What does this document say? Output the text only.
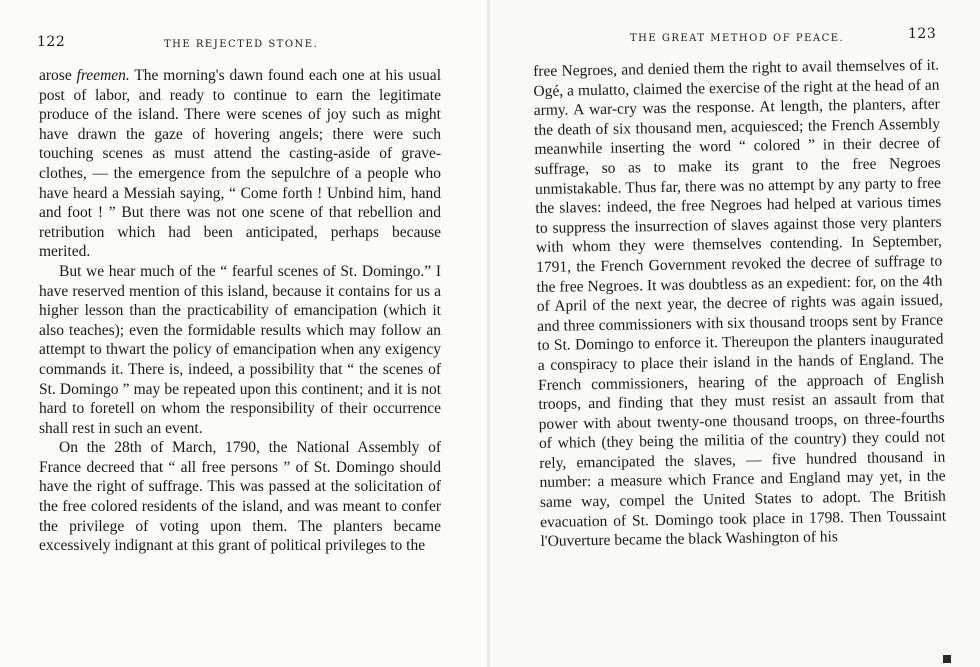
122	THE REJECTED STONE.

arose freemen. The morning's dawn found each one at his usual post of labor, and ready to continue to earn the legitimate produce of the island. There were scenes of joy such as might have drawn the gaze of hovering angels; there were such touching scenes as must attend the casting-aside of grave-clothes, — the emergence from the sepulchre of a people who have heard a Messiah saying, “ Come forth ! Unbind him, hand and foot ! ” But there was not one scene of that rebellion and retribution which had been anticipated, perhaps because merited.

But we hear much of the “ fearful scenes of St. Domingo.” I have reserved mention of this island, because it contains for us a higher lesson than the practicability of emancipation (which it also teaches); even the formidable results which may follow an attempt to thwart the policy of emancipation when any exigency commands it. There is, indeed, a possibility that “ the scenes of St. Domingo ” may be repeated upon this continent; and it is not hard to foretell on whom the responsibility of their occurrence shall rest in such an event.

On the 28th of March, 1790, the National Assembly of France decreed that “ all free persons ” of St. Domingo should have the right of suffrage. This was passed at the solicitation of the free colored residents of the island, and was meant to confer the privilege of voting upon them. The planters became excessively indignant at this grant of political privileges to the

THE GREAT METHOD OF PEACE.	123

free Negroes, and denied them the right to avail themselves of it. Ogé, a mulatto, claimed the exercise of the right at the head of an army. A war-cry was the response. At length, the planters, after the death of six thousand men, acquiesced; the French Assembly meanwhile inserting the word “ colored ” in their decree of suffrage, so as to make its grant to the free Negroes unmistakable. Thus far, there was no attempt by any party to free the slaves: indeed, the free Negroes had helped at various times to suppress the insurrection of slaves against those very planters with whom they were themselves contending. In September, 1791, the French Government revoked the decree of suffrage to the free Negroes. It was doubtless as an expedient: for, on the 4th of April of the next year, the decree of rights was again issued, and three commissioners with six thousand troops sent by France to St. Domingo to enforce it. Thereupon the planters inaugurated a conspiracy to place their island in the hands of England. The French commissioners, hearing of the approach of English troops, and finding that they must resist an assault from that power with about twenty-one thousand troops, on three-fourths of which (they being the militia of the country) they could not rely, emancipated the slaves, — five hundred thousand in number: a measure which France and England may yet, in the same way, compel the United States to adopt. The British evacuation of St. Domingo took place in 1798. Then Toussaint l'Ouverture became the black Washington of his
